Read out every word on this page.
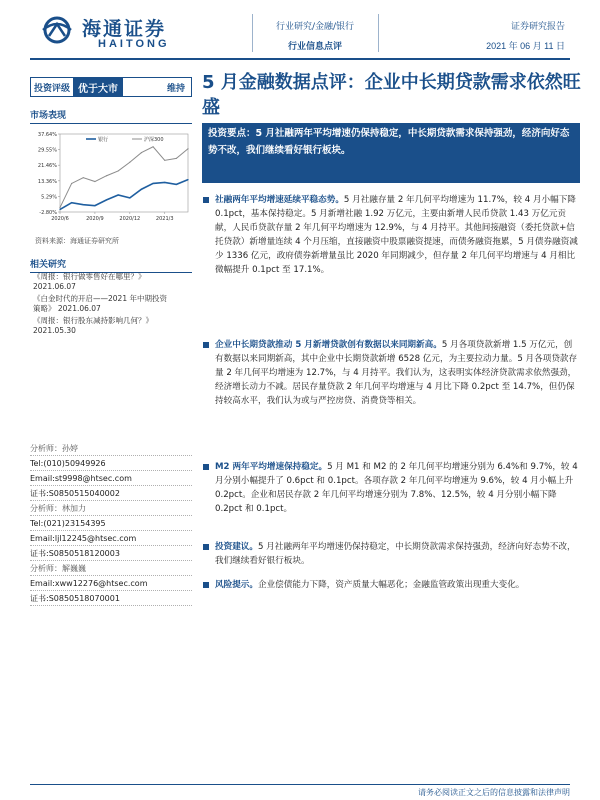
海通证券
HAITONG
行业研究/金融/银行
行业信息点评
证券研究报告
2021 年 06 月 11 日
投资评级 优于大市	维持 5 月金融数据点评：企业中长期贷款需求依然旺盛
市场表现
37.64%
29.55%
21.46%
13.36%
5.29%
-2.80%
2020/6	2020/9	2020/12	2021/3
银行	沪深300
资料来源：海通证券研究所
相关研究
《周报：银行做零售好在哪里？》
2021.06.07
《白金时代的开启——2021 年中期投资
策略》 2021.06.07
《周报：银行股东减持影响几何？》
2021.05.30
分析师：孙婷
Tel:(010)50949926
Email:st9998@htsec.com
证书:S0850515040002
分析师：林加力
Tel:(021)23154395
Email:ljl12245@htsec.com
证书:S0850518120003
分析师：解巍巍
Email:xww12276@htsec.com
证书:S0850518070001
投资要点：5 月社融两年平均增速仍保持稳定，中长期贷款需求保持强劲，经济向好态势不改，我们继续看好银行板块。
社融两年平均增速延续平稳态势。5 月社融存量 2 年几何平均增速为 11.7%，较 4 月小幅下降 0.1pct，基本保持稳定。5 月新增社融 1.92 万亿元，主要由新增人民币贷款 1.43 万亿元贡献，人民币贷款存量 2 年几何平均增速为 12.9%，与 4 月持平。其他间接融资（委托贷款+信托贷款）新增量连续 4 个月压缩，直接融资中股票融资提速，而债务融资拖累，5 月债券融资减少 1336 亿元，政府债券新增量虽比 2020 年同期减少，但存量 2 年几何平均增速与 4 月相比微幅提升 0.1pct 至 17.1%。
企业中长期贷款推动 5 月新增贷款创有数据以来同期新高。5 月各项贷款新增 1.5 万亿元，创有数据以来同期新高，其中企业中长期贷款新增 6528 亿元，为主要拉动力量。5 月各项贷款存量 2 年几何平均增速为 12.7%，与 4 月持平。我们认为，这表明实体经济贷款需求依然强劲，经济增长动力不减。居民存量贷款 2 年几何平均增速与 4 月比下降 0.2pct 至 14.7%，但仍保持较高水平，我们认为或与严控房贷、消费贷等相关。
M2 两年平均增速保持稳定。5 月 M1 和 M2 的 2 年几何平均增速分别为 6.4%和 9.7%，较 4 月分别小幅提升了 0.6pct 和 0.1pct。各项存款 2 年几何平均增速为 9.6%，较 4 月小幅上升 0.2pct。企业和居民存款 2 年几何平均增速分别为 7.8%、12.5%，较 4 月分别小幅下降 0.2pct 和 0.1pct。
投资建议。5 月社融两年平均增速仍保持稳定，中长期贷款需求保持强劲，经济向好态势不改，我们继续看好银行板块。
风险提示。企业偿债能力下降，资产质量大幅恶化；金融监管政策出现重大变化。
请务必阅读正文之后的信息披露和法律声明
